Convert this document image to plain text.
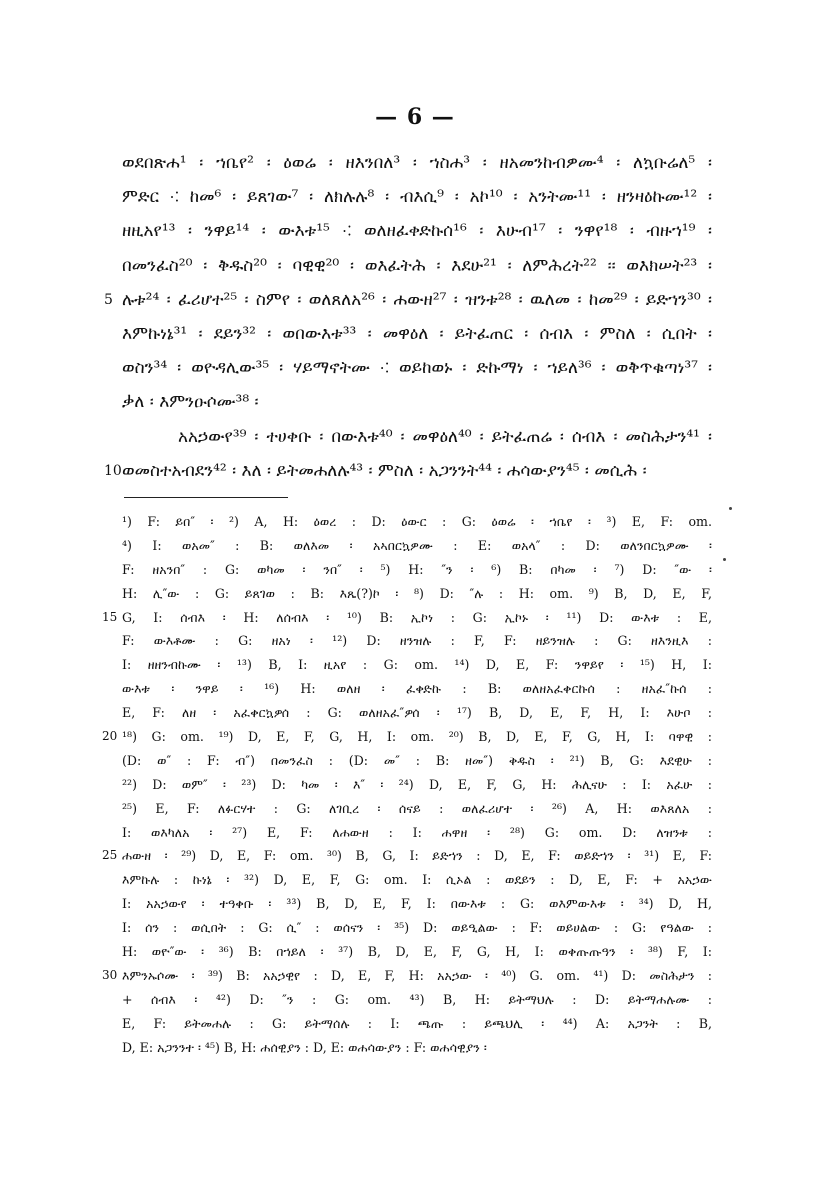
— 6 —
ወደበጽሐ¹ ፡ ኀቤየ² ፡ ዕወሬ ፡ ዘእንበለ³ ፡ ኀስሐ³ ፡ ዘአመንከብዎሙ⁴ ፡ ለኳቡሬለ⁵ ፡
ምድር ⁖ ከመ⁶ ፡ ይጸገው⁷ ፡ ለክሉሉ⁸ ፡ ብእሲ⁹ ፡ አኮ¹⁰ ፡ አንትሙ¹¹ ፡ ዘንዛዕኩሙ¹² ፡
ዘዚአየ¹³ ፡ ንዋይ¹⁴ ፡ ውእቱ¹⁵ ⁖ ወለዘፈቀድኩሰ¹⁶ ፡ እሁብ¹⁷ ፡ ንዋየ¹⁸ ፡ ብዙኀ¹⁹ ፡
በመንፈስ²⁰ ፡ ቅዱስ²⁰ ፡ ባዊዊ²⁰ ፡ ወእፈትሕ ፡ እደሁ²¹ ፡ ለምሕረት²² ፡፡ ወእክሠት²³ ፡
5 ሉቱ²⁴ ፡ ፈሪሆተ²⁵ ፡ ስምየ ፡ ወለጸለአ²⁶ ፡ ሐውዘ²⁷ ፡ ዝንቱ²⁸ ፡ ዉለመ ፡ ከመ²⁹ ፡ ይድኀን³⁰ ፡
እምኩነኔ³¹ ፡ ደይን³² ፡ ወበውእቱ³³ ፡ መዋዕለ ፡ ይትፈጠር ፡ ሰብእ ፡ ምስለ ፡ ሲበት ፡
ወስን³⁴ ፡ ወዮዳሊው³⁵ ፡ ሃይማኖትሙ ⁖ ወይከወኑ ፡ ድኩማነ ፡ ኀይለ³⁶ ፡ ወቅጥቁጣነ³⁷ ፡
ቃለ ፡ እምንዑሶሙ³⁸ ፡
አአኃውየ³⁹ ፡ ተሀቀቡ ፡ በውእቱ⁴⁰ ፡ መዋዕለ⁴⁰ ፡ ይትፈጠሬ ፡ ሰብእ ፡ መስሕታን⁴¹ ፡
10 ወመስተአብደን⁴² ፡ እለ ፡ ይትመሐለሉ⁴³ ፡ ምስለ ፡ አጋንንት⁴⁴ ፡ ሐሳውያን⁴⁵ ፡ መሲሕ ፡
¹) F: ይበ″ ፡ ²) A, H: ዕወረ : D: ዕውር : G: ዕወሬ ፡ ኀቤየ ፡ ³) E, F: om.
⁴) I: ወአመ″ : B: ወለእመ ፡ አኣበርኳዎሙ : E: ወአላ″ : D: ወለንበርኳዎሙ ፡
F: ዘአንበ″ : G: ወካመ ፡ ንበ″ ፡ ⁵) H: ″ን ፡ ⁶) B: በካመ ፡ ⁷) D: ″ው ፡
H: ሊ″ው : G: ይጸገወ : B: እጼ(?)ኮ ፡ ⁸) D: ″ሉ : H: om. ⁹) B, D, E, F,
15 G, I: ሰብእ ፡ H: ለሰብእ ፡ ¹⁰) B: ኢኮነ : G: ኢኮኑ ፡ ¹¹) D: ውእቱ : E,
F: ውእቶሙ : G: ዘአነ ፡ ¹²) D: ዘንዝሉ : F, F: ዘይንዝሉ : G: ዘእንዚእ :
I: ዘዘንብኩሙ ፡ ¹³) B, I: ዚአየ : G: om. ¹⁴) D, E, F: ንዋይየ ፡ ¹⁵) H, I:
ውእቱ ፡ ንዋይ ፡ ¹⁶) H: ወለዘ ፡ ፈቀድኩ : B: ወለዘአፈቀርኩሰ : ዘአፈ″ኩሰ :
E, F: ለዘ ፡ አፈቀርኳዎሰ : G: ወለዘአፈ″ዎሰ ፡ ¹⁷) B, D, E, F, H, I: እሁቦ :
20 ¹⁸) G: om. ¹⁹) D, E, F, G, H, I: om. ²⁰) B, D, E, F, G, H, I: ባዋዊ :
(D: ወ″ : F: ብ″) በመንፈስ : (D: መ″ : B: ዘመ″) ቅዱስ ፡ ²¹) B, G: እደዊሁ :
²²) D: ወም″ ፡ ²³) D: ካመ ፡ እ″ ፡ ²⁴) D, E, F, G, H: ሕሊናሁ : I: አፈሁ :
²⁵) E, F: ለፉርሃተ : G: ለገቢረ ፡ ሰናይ : ወለፈሪሆተ ፡ ²⁶) A, H: ወእጸለአ :
I: ወእካለአ ፡ ²⁷) E, F: ለሐውዘ : I: ሐዋዘ ፡ ²⁸) G: om. D: ለዝንቱ :
25 ሐውዘ ፡ ²⁹) D, E, F: om. ³⁰) B, G, I: ይድኀን : D, E, F: ወይድኀን ፡ ³¹) E, F:
እምኩሉ : ኩነኔ ፡ ³²) D, E, F, G: om. I: ሲኦል : ወደይን : D, E, F: + አአኃው
I: አአኃውየ ፡ ተዓቀቡ ፡ ³³) B, D, E, F, I: በውእቱ : G: ወእምውእቱ ፡ ³⁴) D, H,
I: ሰን : ወሲበት : G: ሲ″ : ወሰናን ፡ ³⁵) D: ወይዒልው : F: ወይሀልው : G: የዓልው :
H: ወዮ″ው ፡ ³⁶) B: በኀይለ ፡ ³⁷) B, D, E, F, G, H, I: ወቀጡጡዓን ፡ ³⁸) F, I:
30 እምንኡሶሙ ፡ ³⁹) B: አአኃዊየ : D, E, F, H: አአኃው ፡ ⁴⁰) G. om. ⁴¹) D: መስሕታን :
+ ሰብእ ፡ ⁴²) D: ″ን : G: om. ⁴³) B, H: ይትማህሉ : D: ይትማሐሉሙ :
E, F: ይትመሐሉ : G: ይትማሰሉ : I: ጫጡ : ይጫህሊ ፡ ⁴⁴) A: አጋንት : B,
D, E: አጋንንተ ፡ ⁴⁵) B, H: ሐሰዊያን : D, E: ወሐሳውያን : F: ወሐሳዊያን ፡
